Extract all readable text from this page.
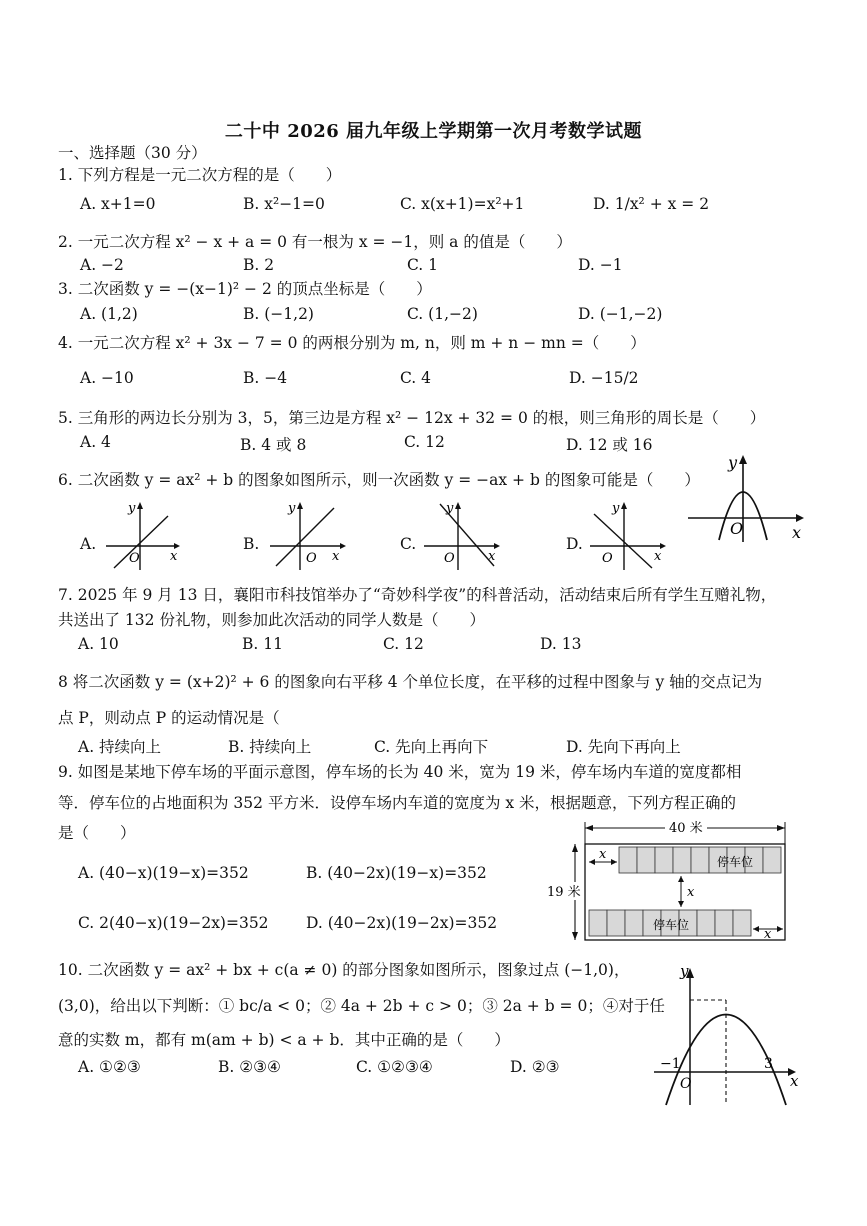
二十中 2026 届九年级上学期第一次月考数学试题
一、选择题（30 分）
1. 下列方程是一元二次方程的是（　　）
A. x+1=0	B. x²−1=0	C. x(x+1)=x²+1	D. 1/x² + x = 2
2. 一元二次方程 x² − x + a = 0 有一根为 x = −1，则 a 的值是（　　）
A. −2	B. 2	C. 1	D. −1
3. 二次函数 y = −(x−1)² − 2 的顶点坐标是（　　）
A. (1,2)	B. (−1,2)	C. (1,−2)	D. (−1,−2)
4. 一元二次方程 x² + 3x − 7 = 0 的两根分别为 m, n，则 m + n − mn =（　　）
A. −10	B. −4	C. 4	D. −15/2
5. 三角形的两边长分别为 3，5，第三边是方程 x² − 12x + 32 = 0 的根，则三角形的周长是（　　）
A. 4	B. 4 或 8	C. 12	D. 12 或 16
6. 二次函数 y = ax² + b 的图象如图所示，则一次函数 y = −ax + b 的图象可能是（　　）
y
O	x
A.
y
O x
B.
y
O x
C.
y
O	x
D.
y
O	x
7. 2025 年 9 月 13 日，襄阳市科技馆举办了“奇妙科学夜”的科普活动，活动结束后所有学生互赠礼物，
共送出了 132 份礼物，则参加此次活动的同学人数是（　　）
A. 10	B. 11	C. 12	D. 13
8 将二次函数 y = (x+2)² + 6 的图象向右平移 4 个单位长度，在平移的过程中图象与 y 轴的交点记为
点 P，则动点 P 的运动情况是（
A. 持续向上	B. 持续向上	C. 先向上再向下	D. 先向下再向上
9. 如图是某地下停车场的平面示意图，停车场的长为 40 米，宽为 19 米，停车场内车道的宽度都相
等．停车位的占地面积为 352 平方米．设停车场内车道的宽度为 x 米，根据题意，下列方程正确的
是（　　）
A. (40−x)(19−x)=352	B. (40−2x)(19−x)=352
C. 2(40−x)(19−2x)=352 D. (40−2x)(19−2x)=352
40 米
19 米
停车位
停车位
x
x
x
10. 二次函数 y = ax² + bx + c(a ≠ 0) 的部分图象如图所示，图象过点 (−1,0)，
(3,0)，给出以下判断：① bc/a < 0；② 4a + 2b + c > 0；③ 2a + b = 0；④对于任
意的实数 m，都有 m(am + b) < a + b．其中正确的是（　　）
A. ①②③	B. ②③④	C. ①②③④	D. ②③
y
O
−1	3
x
